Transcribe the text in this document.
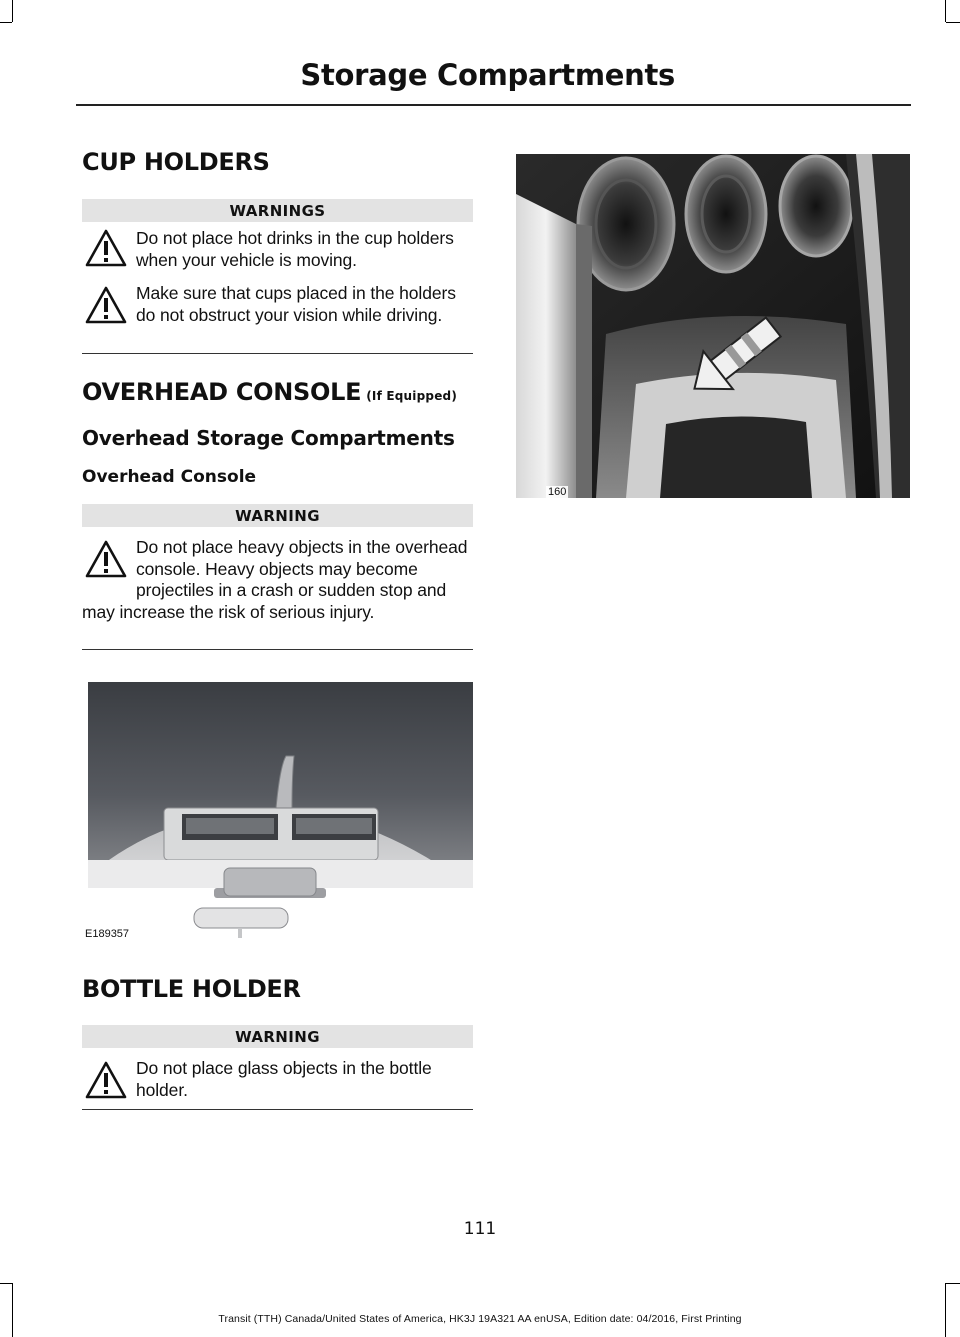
Storage Compartments
CUP HOLDERS
WARNINGS
Do not place hot drinks in the cup holders when your vehicle is moving.
Make sure that cups placed in the holders do not obstruct your vision while driving.
OVERHEAD CONSOLE (If Equipped)
Overhead Storage Compartments
Overhead Console
WARNING
Do not place heavy objects in the overhead console. Heavy objects may become projectiles in a crash or sudden stop and may increase the risk of serious injury.
E189357
BOTTLE HOLDER
WARNING
Do not place glass objects in the bottle holder.
160
111
Transit (TTH) Canada/United States of America, HK3J 19A321 AA enUSA, Edition date: 04/2016, First Printing
